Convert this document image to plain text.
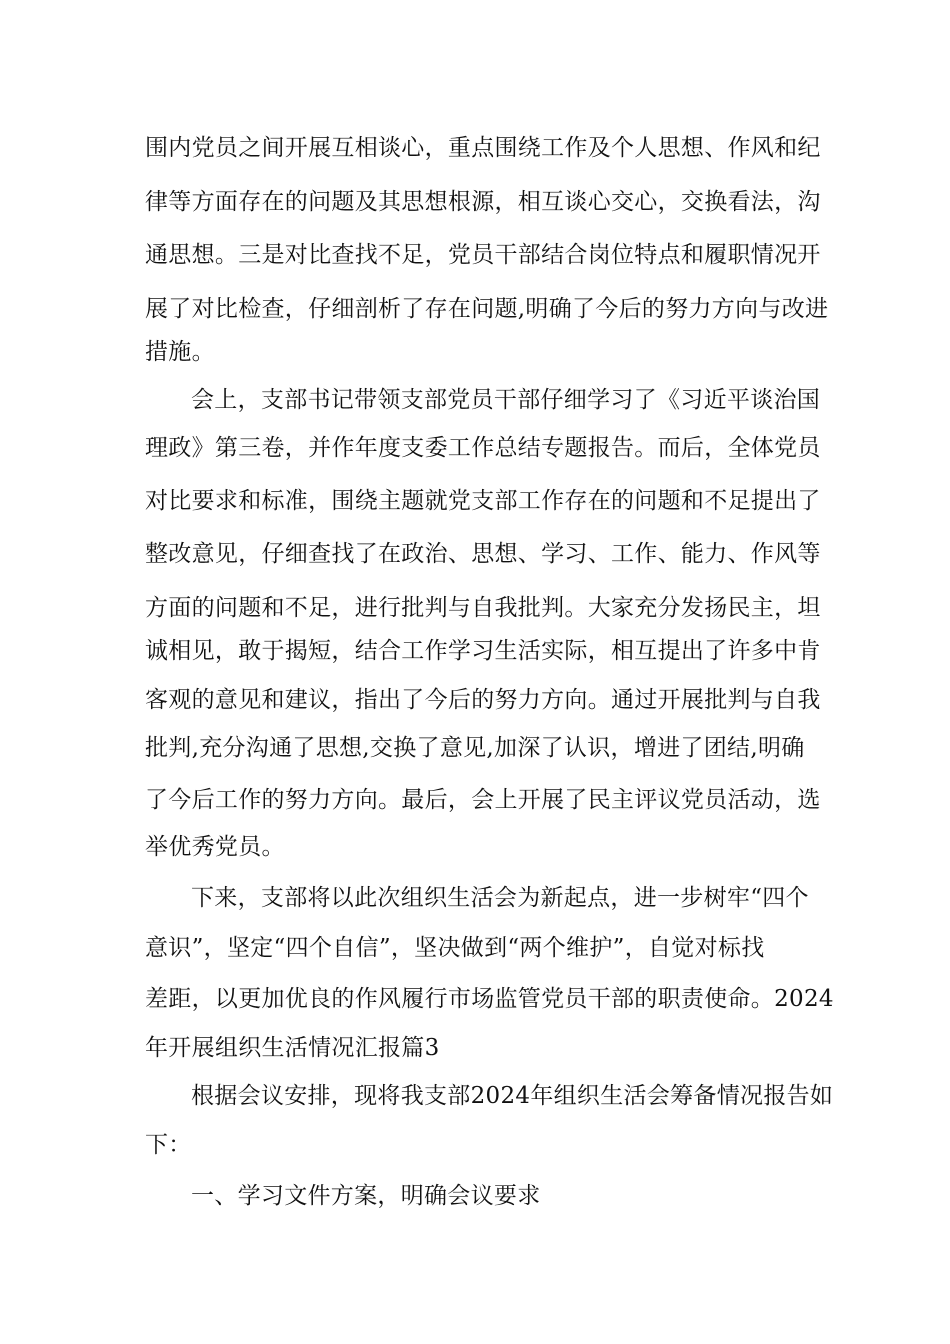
围内党员之间开展互相谈心，重点围绕工作及个人思想、作风和纪
律等方面存在的问题及其思想根源，相互谈心交心，交换看法，沟
通思想。三是对比查找不足，党员干部结合岗位特点和履职情况开
展了对比检查，仔细剖析了存在问题,明确了今后的努力方向与改进
措施。
会上，支部书记带领支部党员干部仔细学习了《习近平谈治国
理政》第三卷，并作年度支委工作总结专题报告。而后，全体党员
对比要求和标准，围绕主题就党支部工作存在的问题和不足提出了
整改意见，仔细查找了在政治、思想、学习、工作、能力、作风等
方面的问题和不足，进行批判与自我批判。大家充分发扬民主，坦
诚相见，敢于揭短，结合工作学习生活实际，相互提出了许多中肯
客观的意见和建议，指出了今后的努力方向。通过开展批判与自我
批判,充分沟通了思想,交换了意见,加深了认识，增进了团结,明确
了今后工作的努力方向。最后，会上开展了民主评议党员活动，选
举优秀党员。
下来，支部将以此次组织生活会为新起点，进一步树牢“四个
意识”，坚定“四个自信”，坚决做到“两个维护”，自觉对标找
差距，以更加优良的作风履行市场监管党员干部的职责使命。2024
年开展组织生活情况汇报篇3
根据会议安排，现将我支部2024年组织生活会筹备情况报告如
下：
一、学习文件方案，明确会议要求
